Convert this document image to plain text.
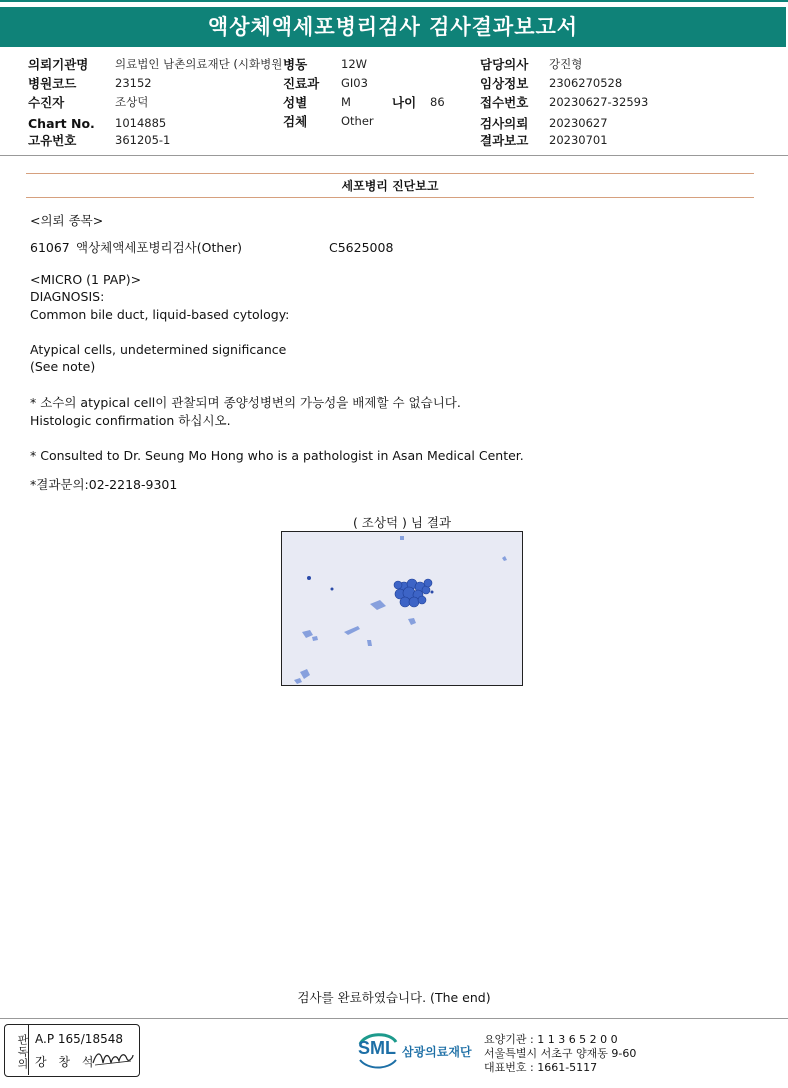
액상체액세포병리검사 검사결과보고서
의뢰기관명 의료법인 남촌의료재단 (시화병원 병동	12W	담당의사 강진형
병원코드	23152	진료과 GI03	임상정보 2306270528
수진자	조상덕	성별	M	나이 86	접수번호 20230627-32593
Chart No. 1014885	검체	Other	검사의뢰 20230627
고유번호	361205-1	결과보고 20230701
세포병리 진단보고
<의뢰 종목>
61067 액상체액세포병리검사(Other)	C5625008
<MICRO (1 PAP)>
DIAGNOSIS:
Common bile duct, liquid-based cytology:
Atypical cells, undetermined significance
(See note)
* 소수의 atypical cell이 관찰되며 종양성병변의 가능성을 배제할 수 없습니다.
Histologic confirmation 하십시오.
* Consulted to Dr. Seung Mo Hong who is a pathologist in Asan Medical Center.
*결과문의:02-2218-9301
( 조상덕 ) 님 결과
검사를 완료하였습니다. (The end)
판독의 A.P 165/18548
강 창 석
SML 삼광의료재단
요양기관 : 1 1 3 6 5 2 0 0
서울특별시 서초구 양재동 9-60
대표번호 : 1661-5117
